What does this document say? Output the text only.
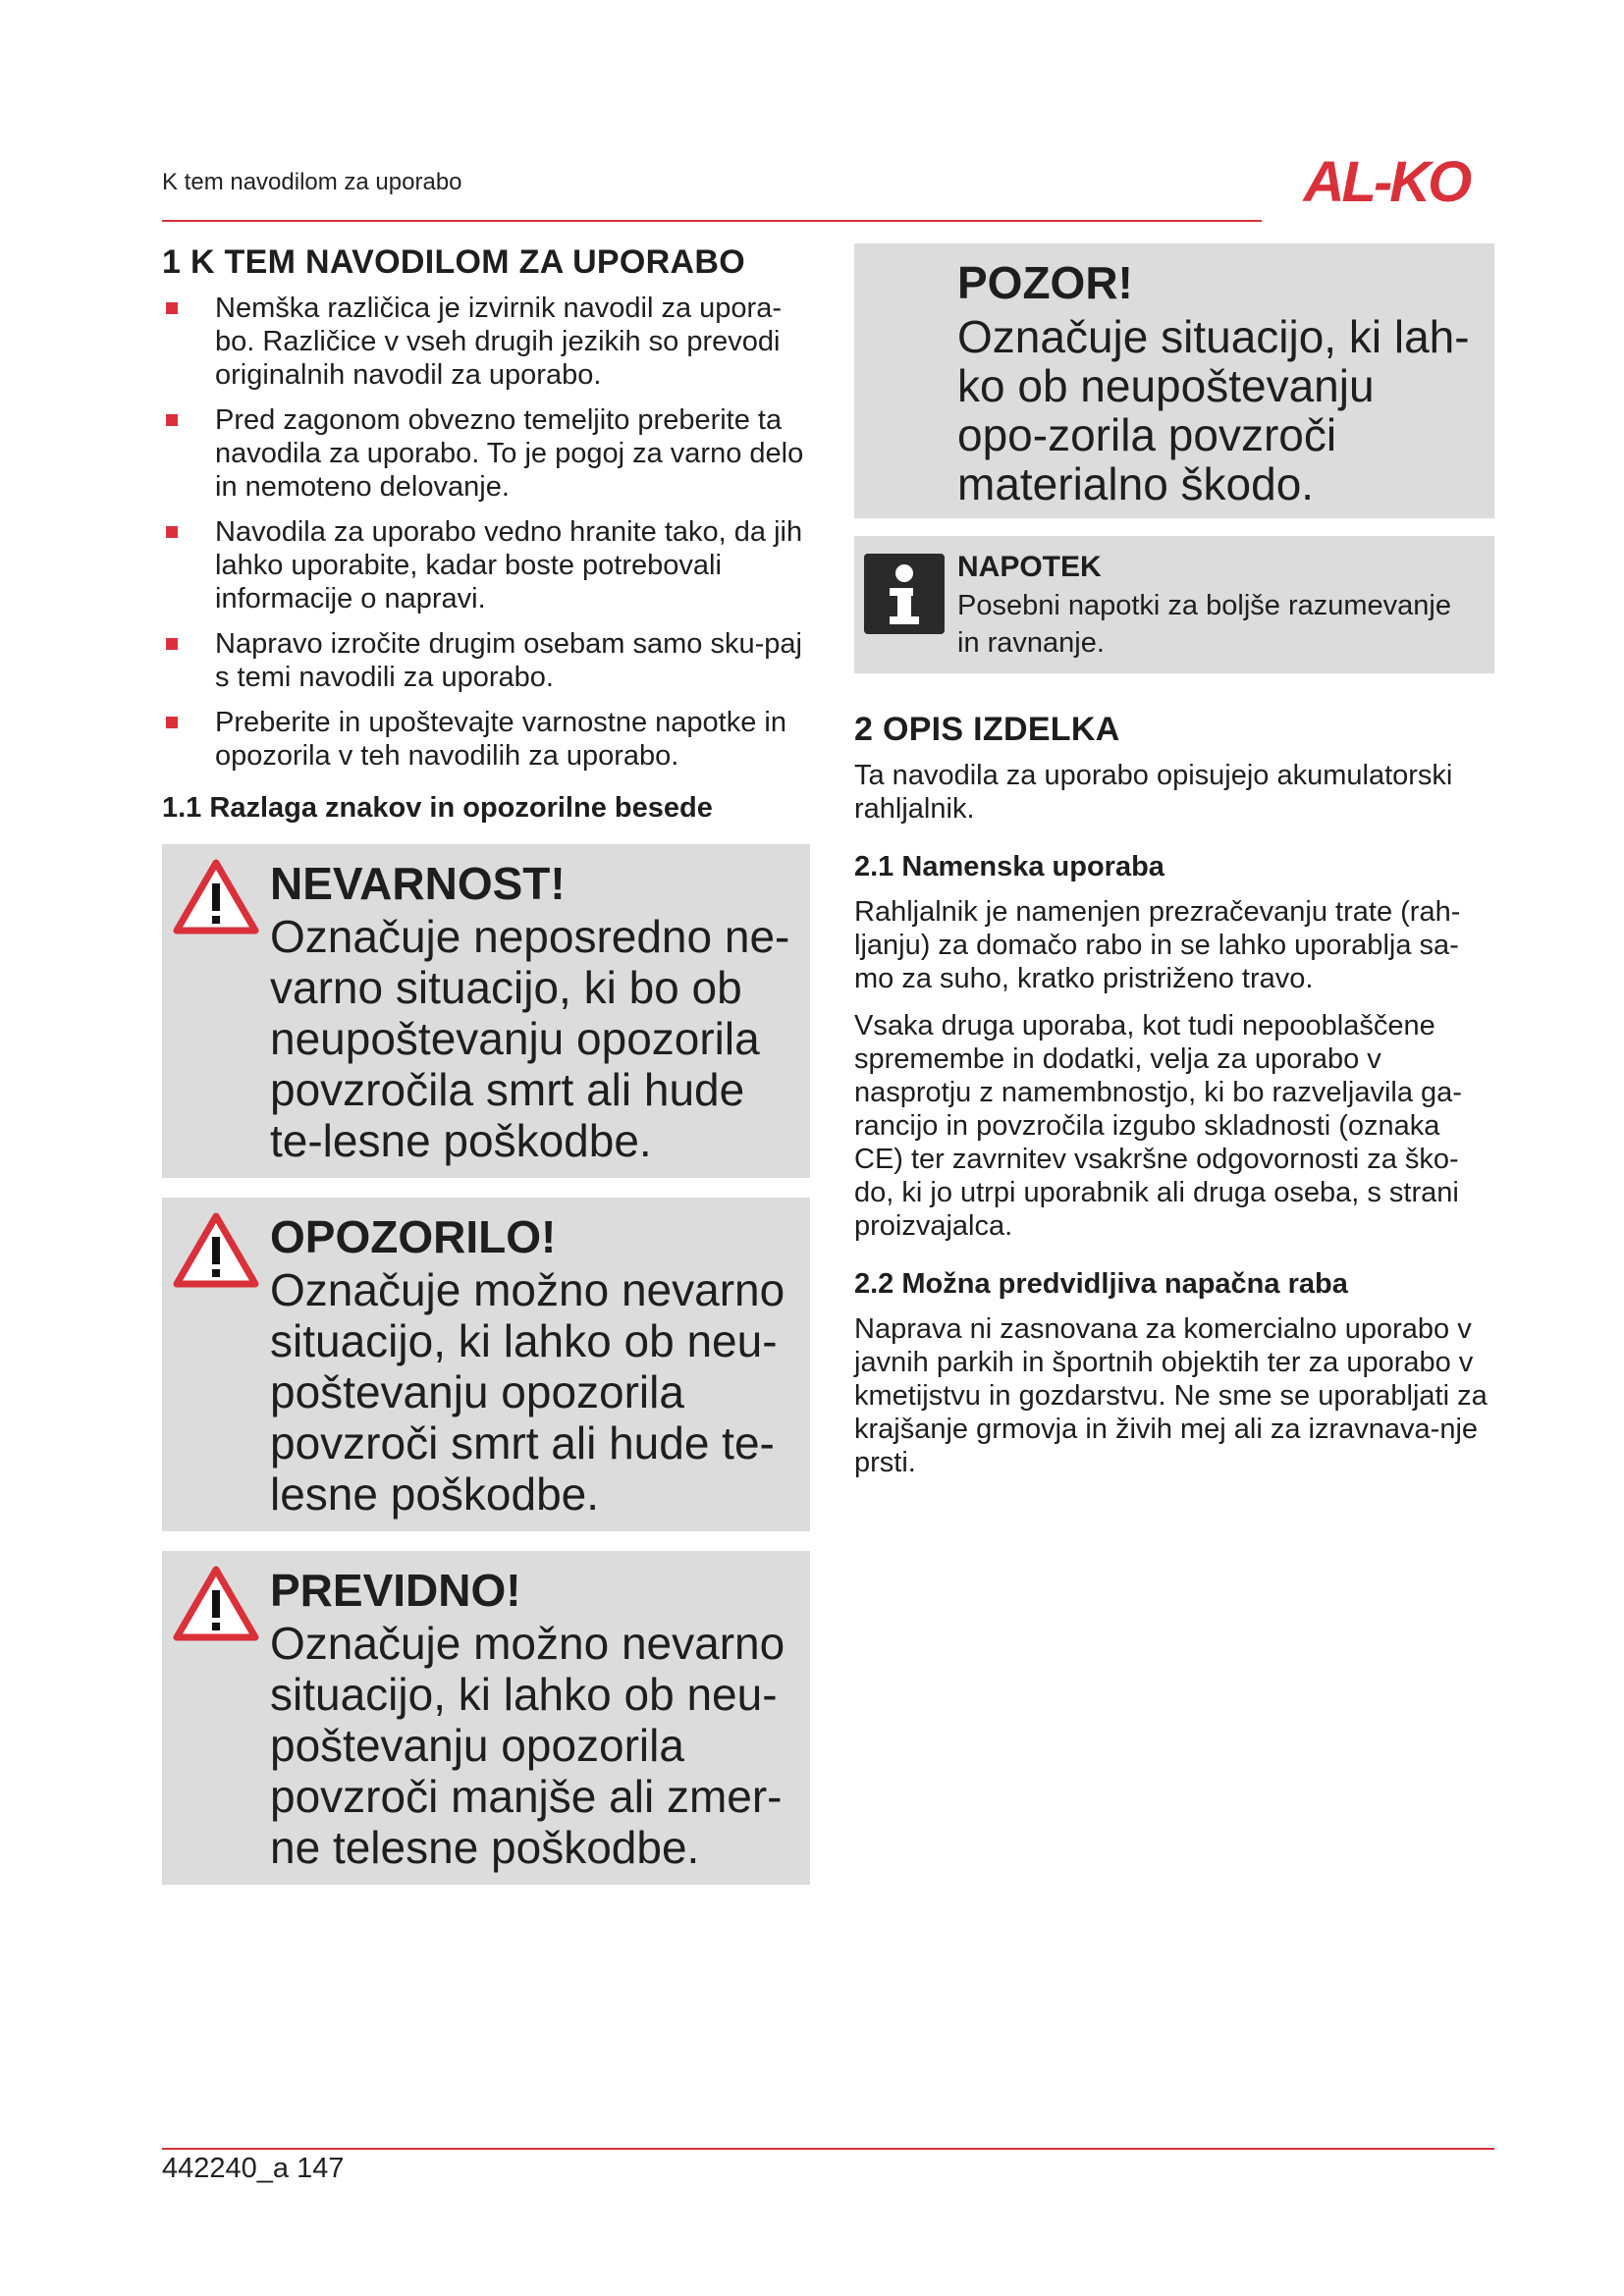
K tem navodilom za uporabo	AL-KO
1 K TEM NAVODILOM ZA UPORABO
Nemška različica je izvirnik navodil za upora-bo. Različice v vseh drugih jezikih so prevodi originalnih navodil za uporabo.
Pred zagonom obvezno temeljito preberite ta navodila za uporabo. To je pogoj za varno delo in nemoteno delovanje.
Navodila za uporabo vedno hranite tako, da jih lahko uporabite, kadar boste potrebovali informacije o napravi.
Napravo izročite drugim osebam samo sku-paj s temi navodili za uporabo.
Preberite in upoštevajte varnostne napotke in opozorila v teh navodilih za uporabo.
1.1 Razlaga znakov in opozorilne besede
NEVARNOST!
Označuje neposredno ne-varno situacijo, ki bo ob neupoštevanju opozorila povzročila smrt ali hude te-lesne poškodbe.
OPOZORILO!
Označuje možno nevarno situacijo, ki lahko ob neu-poštevanju opozorila povzroči smrt ali hude te-lesne poškodbe.
PREVIDNO!
Označuje možno nevarno situacijo, ki lahko ob neu-poštevanju opozorila povzroči manjše ali zmer-ne telesne poškodbe.
POZOR!
Označuje situacijo, ki lah-ko ob neupoštevanju opo-zorila povzroči materialno škodo.
NAPOTEK
Posebni napotki za boljše razumevanje in ravnanje.
2 OPIS IZDELKA

Ta navodila za uporabo opisujejo akumulatorski rahljalnik.

2.1 Namenska uporaba

Rahljalnik je namenjen prezračevanju trate (rah-ljanju) za domačo rabo in se lahko uporablja sa-mo za suho, kratko pristriženo travo.

Vsaka druga uporaba, kot tudi nepooblaščene spremembe in dodatki, velja za uporabo v nasprotju z namembnostjo, ki bo razveljavila ga-rancijo in povzročila izgubo skladnosti (oznaka CE) ter zavrnitev vsakršne odgovornosti za ško-do, ki jo utrpi uporabnik ali druga oseba, s strani proizvajalca.

2.2 Možna predvidljiva napačna raba

Naprava ni zasnovana za komercialno uporabo v javnih parkih in športnih objektih ter za uporabo v kmetijstvu in gozdarstvu. Ne sme se uporabljati za krajšanje grmovja in živih mej ali za izravnava-nje prsti.

442240_a 147
